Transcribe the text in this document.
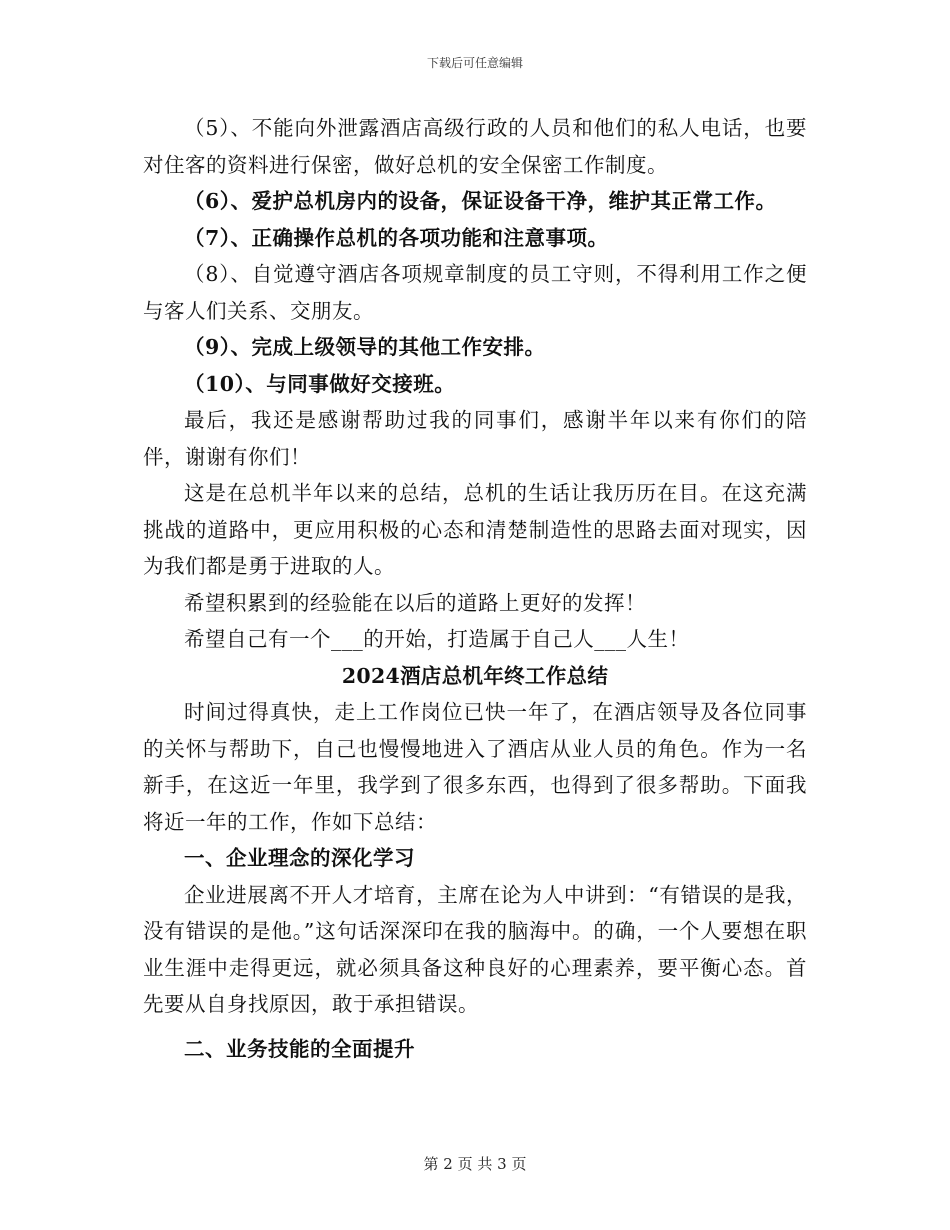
下载后可任意编辑

（5）、不能向外泄露酒店高级行政的人员和他们的私人电话，也要对住客的资料进行保密，做好总机的安全保密工作制度。

（6）、爱护总机房内的设备，保证设备干净，维护其正常工作。

（7）、正确操作总机的各项功能和注意事项。

（8）、自觉遵守酒店各项规章制度的员工守则，不得利用工作之便与客人们关系、交朋友。

（9）、完成上级领导的其他工作安排。

（10）、与同事做好交接班。

最后，我还是感谢帮助过我的同事们，感谢半年以来有你们的陪伴，谢谢有你们！

这是在总机半年以来的总结，总机的生话让我历历在目。在这充满挑战的道路中，更应用积极的心态和清楚制造性的思路去面对现实，因为我们都是勇于进取的人。

希望积累到的经验能在以后的道路上更好的发挥！

希望自己有一个___的开始，打造属于自己人___人生！

2024酒店总机年终工作总结

时间过得真快，走上工作岗位已快一年了，在酒店领导及各位同事的关怀与帮助下，自己也慢慢地进入了酒店从业人员的角色。作为一名新手，在这近一年里，我学到了很多东西，也得到了很多帮助。下面我将近一年的工作，作如下总结：

一、企业理念的深化学习

企业进展离不开人才培育，主席在论为人中讲到：“有错误的是我，没有错误的是他。”这句话深深印在我的脑海中。的确，一个人要想在职业生涯中走得更远，就必须具备这种良好的心理素养，要平衡心态。首先要从自身找原因，敢于承担错误。

二、业务技能的全面提升

第 2 页 共 3 页
